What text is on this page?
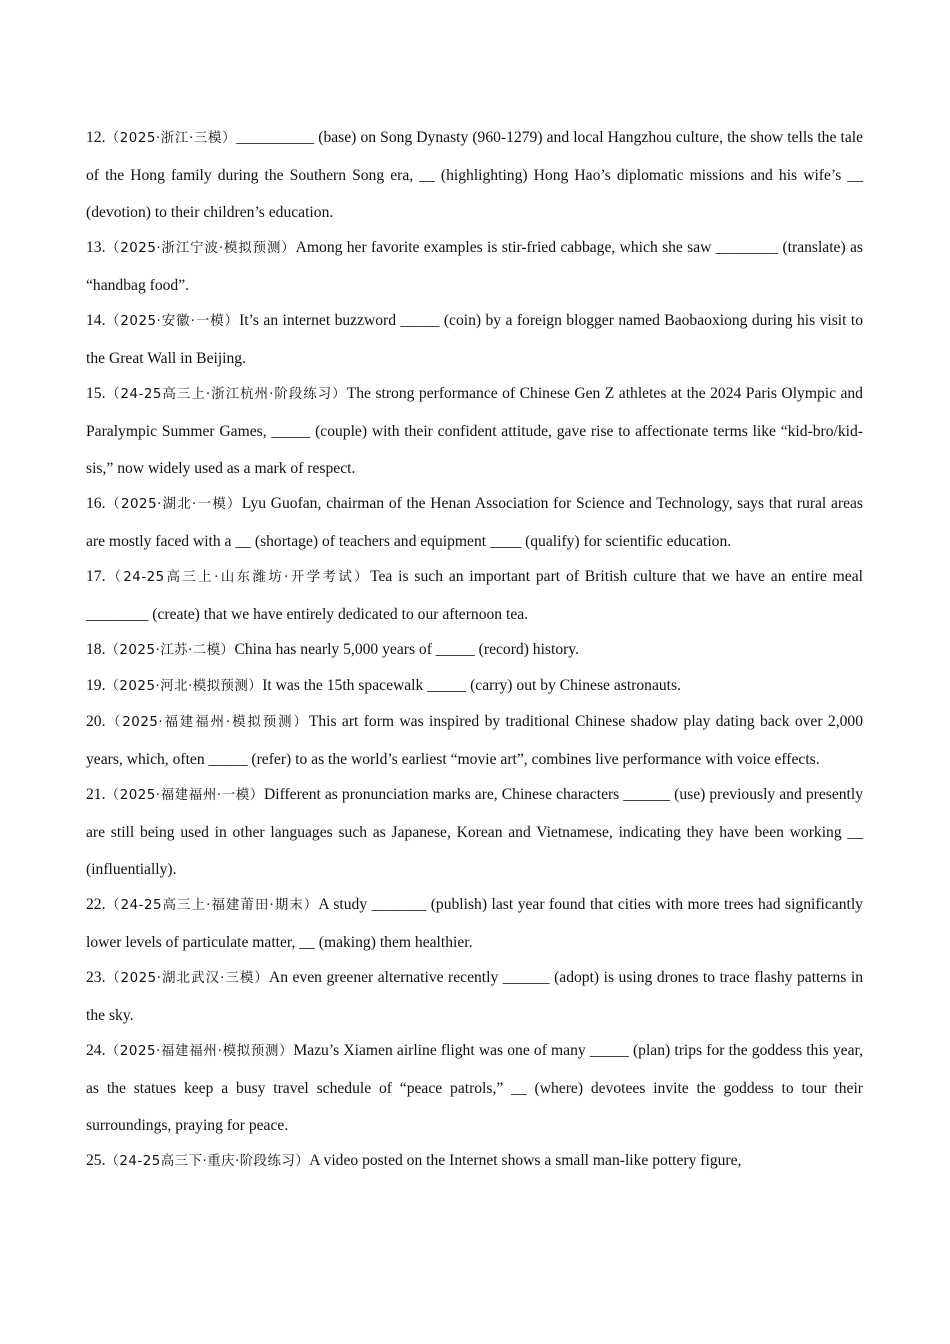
12.（2025·浙江·三模）__________ (base) on Song Dynasty (960-1279) and local Hangzhou culture, the show tells the tale of the Hong family during the Southern Song era, __ (highlighting) Hong Hao’s diplomatic missions and his wife’s __ (devotion) to their children’s education.

13.（2025·浙江宁波·模拟预测）Among her favorite examples is stir-fried cabbage, which she saw ________ (translate) as “handbag food”.

14.（2025·安徽·一模）It’s an internet buzzword _____ (coin) by a foreign blogger named Baobaoxiong during his visit to the Great Wall in Beijing.

15.（24-25高三上·浙江杭州·阶段练习）The strong performance of Chinese Gen Z athletes at the 2024 Paris Olympic and Paralympic Summer Games, _____ (couple) with their confident attitude, gave rise to affectionate terms like “kid-bro/kid-sis,” now widely used as a mark of respect.

16.（2025·湖北·一模）Lyu Guofan, chairman of the Henan Association for Science and Technology, says that rural areas are mostly faced with a __ (shortage) of teachers and equipment ____ (qualify) for scientific education.

17.（24-25高三上·山东潍坊·开学考试）Tea is such an important part of British culture that we have an entire meal ________ (create) that we have entirely dedicated to our afternoon tea.

18.（2025·江苏·二模）China has nearly 5,000 years of _____ (record) history.

19.（2025·河北·模拟预测）It was the 15th spacewalk _____ (carry) out by Chinese astronauts.

20.（2025·福建福州·模拟预测）This art form was inspired by traditional Chinese shadow play dating back over 2,000 years, which, often _____ (refer) to as the world’s earliest “movie art”, combines live performance with voice effects.

21.（2025·福建福州·一模）Different as pronunciation marks are, Chinese characters ______ (use) previously and presently are still being used in other languages such as Japanese, Korean and Vietnamese, indicating they have been working __ (influentially).

22.（24-25高三上·福建莆田·期末）A study _______ (publish) last year found that cities with more trees had significantly lower levels of particulate matter, __ (making) them healthier.

23.（2025·湖北武汉·三模）An even greener alternative recently ______ (adopt) is using drones to trace flashy patterns in the sky.

24.（2025·福建福州·模拟预测）Mazu’s Xiamen airline flight was one of many _____ (plan) trips for the goddess this year, as the statues keep a busy travel schedule of “peace patrols,” __ (where) devotees invite the goddess to tour their surroundings, praying for peace.

25.（24-25高三下·重庆·阶段练习）A video posted on the Internet shows a small man-like pottery figure,
